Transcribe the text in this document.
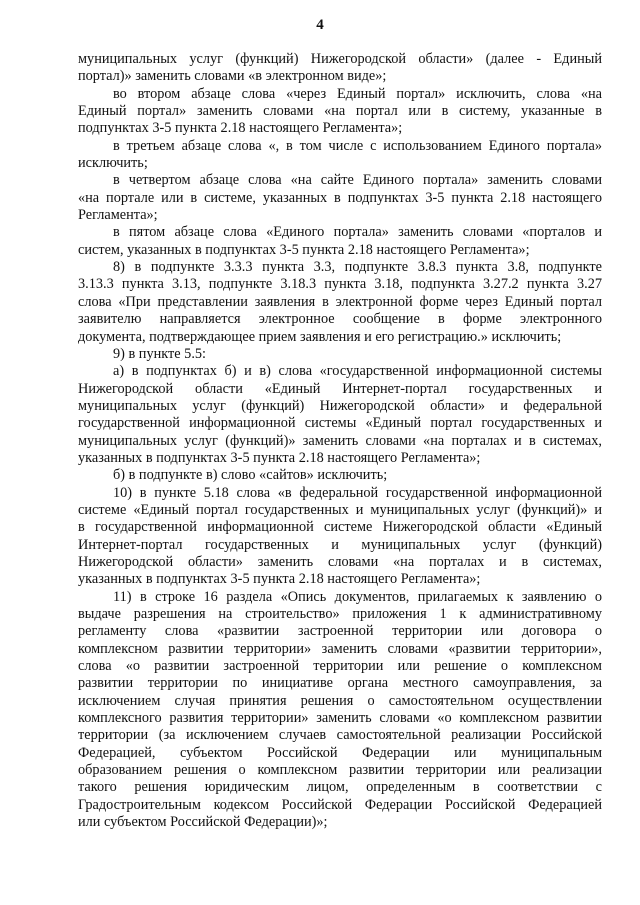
4
муниципальных услуг (функций) Нижегородской области» (далее - Единый
портал)» заменить словами «в электронном виде»;
во втором абзаце слова «через Единый портал» исключить, слова «на
Единый портал» заменить словами «на портал или в систему, указанные в
подпунктах 3-5 пункта 2.18 настоящего Регламента»;
в третьем абзаце слова «, в том числе с использованием Единого портала»
исключить;
в четвертом абзаце слова «на сайте Единого портала» заменить словами
«на портале или в системе, указанных в подпунктах 3-5 пункта 2.18 настоящего
Регламента»;
в пятом абзаце слова «Единого портала» заменить словами «порталов и
систем, указанных в подпунктах 3-5 пункта 2.18 настоящего Регламента»;
8) в подпункте 3.3.3 пункта 3.3, подпункте 3.8.3 пункта 3.8, подпункте
3.13.3 пункта 3.13, подпункте 3.18.3 пункта 3.18, подпункта 3.27.2 пункта 3.27
слова «При представлении заявления в электронной форме через Единый портал
заявителю направляется электронное сообщение в форме электронного
документа, подтверждающее прием заявления и его регистрацию.» исключить;
9) в пункте 5.5:
а) в подпунктах б) и в) слова «государственной информационной системы
Нижегородской области «Единый Интернет-портал государственных и
муниципальных услуг (функций) Нижегородской области» и федеральной
государственной информационной системы «Единый портал государственных и
муниципальных услуг (функций)» заменить словами «на порталах и в системах,
указанных в подпунктах 3-5 пункта 2.18 настоящего Регламента»;
б) в подпункте в) слово «сайтов» исключить;
10) в пункте 5.18 слова «в федеральной государственной информационной
системе «Единый портал государственных и муниципальных услуг (функций)» и
в государственной информационной системе Нижегородской области «Единый
Интернет-портал государственных и муниципальных услуг (функций)
Нижегородской области» заменить словами «на порталах и в системах,
указанных в подпунктах 3-5 пункта 2.18 настоящего Регламента»;
11) в строке 16 раздела «Опись документов, прилагаемых к заявлению о
выдаче разрешения на строительство» приложения 1 к административному
регламенту слова «развитии застроенной территории или договора о
комплексном развитии территории» заменить словами «развитии территории»,
слова «о развитии застроенной территории или решение о комплексном
развитии территории по инициативе органа местного самоуправления, за
исключением случая принятия решения о самостоятельном осуществлении
комплексного развития территории» заменить словами «о комплексном развитии
территории (за исключением случаев самостоятельной реализации Российской
Федерацией, субъектом Российской Федерации или муниципальным
образованием решения о комплексном развитии территории или реализации
такого решения юридическим лицом, определенным в соответствии с
Градостроительным кодексом Российской Федерации Российской Федерацией
или субъектом Российской Федерации)»;
